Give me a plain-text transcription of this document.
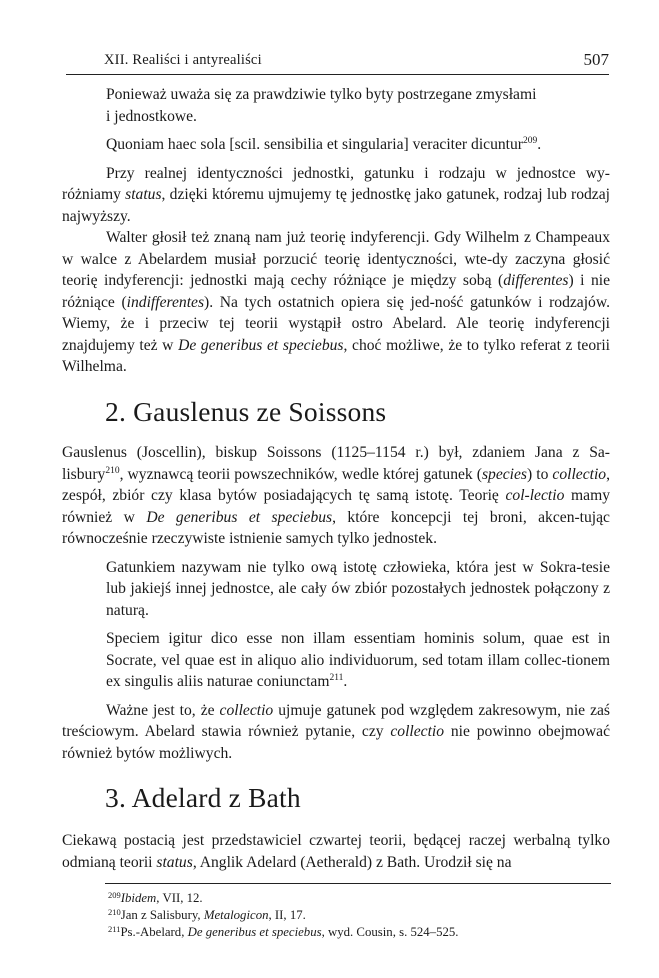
XII. Realiści i antyrealiści	507

Ponieważ uważa się za prawdziwie tylko byty postrzegane zmysłami
i jednostkowe.

Quoniam haec sola [scil. sensibilia et singularia] veraciter dicuntur$^{209}$.

Przy realnej identyczności jednostki, gatunku i rodzaju w jednostce wy-różniamy status, dzięki któremu ujmujemy tę jednostkę jako gatunek, rodzaj lub rodzaj najwyższy.

Walter głosił też znaną nam już teorię indyferencji. Gdy Wilhelm z Champeaux w walce z Abelardem musiał porzucić teorię identyczności, wte-dy zaczyna głosić teorię indyferencji: jednostki mają cechy różniące je między sobą (differentes) i nie różniące (indifferentes). Na tych ostatnich opiera się jed-ność gatunków i rodzajów. Wiemy, że i przeciw tej teorii wystąpił ostro Abelard. Ale teorię indyferencji znajdujemy też w De generibus et speciebus, choć możliwe, że to tylko referat z teorii Wilhelma.

2. Gauslenus ze Soissons

Gauslenus (Joscellin), biskup Soissons (1125–1154 r.) był, zdaniem Jana z Sa-lisbury$^{210}$, wyznawcą teorii powszechników, wedle której gatunek (species) to collectio, zespół, zbiór czy klasa bytów posiadających tę samą istotę. Teorię col-lectio mamy również w De generibus et speciebus, które koncepcji tej broni, akcen-tując równocześnie rzeczywiste istnienie samych tylko jednostek.

Gatunkiem nazywam nie tylko ową istotę człowieka, która jest w Sokra-tesie lub jakiejś innej jednostce, ale cały ów zbiór pozostałych jednostek połączony z naturą.

Speciem igitur dico esse non illam essentiam hominis solum, quae est in Socrate, vel quae est in aliquo alio individuorum, sed totam illam collec-tionem ex singulis aliis naturae coniunctam$^{211}$.

Ważne jest to, że collectio ujmuje gatunek pod względem zakresowym, nie zaś treściowym. Abelard stawia również pytanie, czy collectio nie powinno obejmować również bytów możliwych.

3. Adelard z Bath

Ciekawą postacią jest przedstawiciel czwartej teorii, będącej raczej werbalną tylko odmianą teorii status, Anglik Adelard (Aetherald) z Bath. Urodził się na

$^{209}$Ibidem, VII, 12.
$^{210}$Jan z Salisbury, Metalogicon, II, 17.
$^{211}$Ps.-Abelard, De generibus et speciebus, wyd. Cousin, s. 524–525.
